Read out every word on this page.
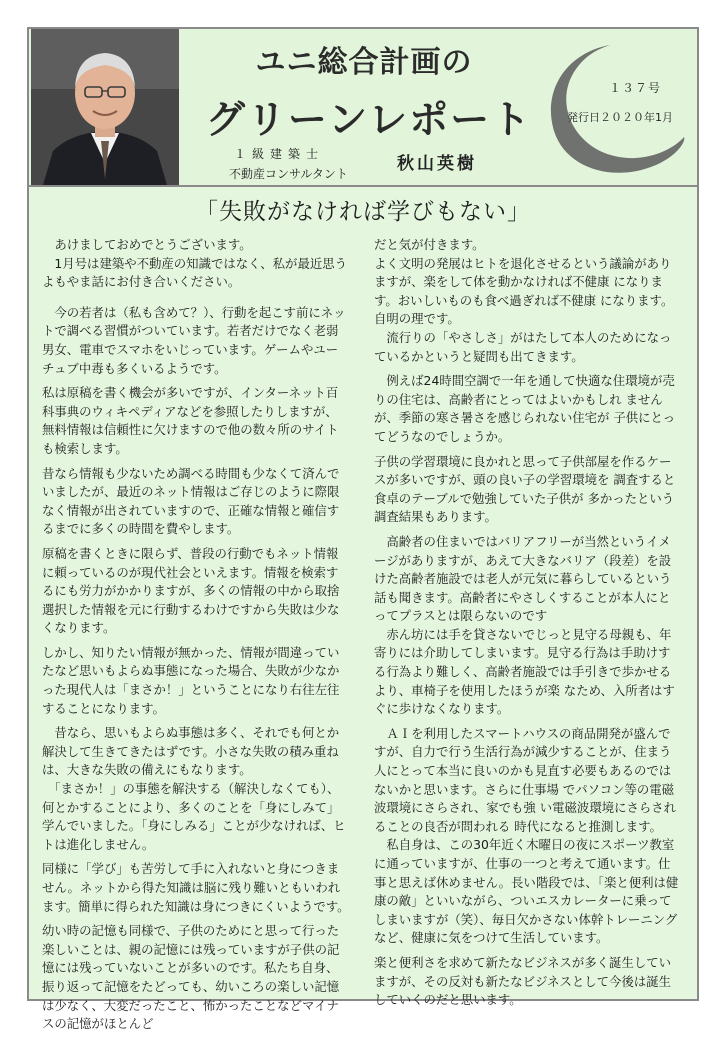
ユニ総合計画の
グリーンレポート
１級建築士
不動産コンサルタント	秋山英樹
１３７号
発行日２０２０年1月
「失敗がなければ学びもない」

　あけましておめでとうございます。
　1月号は建築や不動産の知識ではなく、私が最近思うよもやま話にお付き合いください。

　今の若者は（私も含めて？）、行動を起こす前にネットで調べる習慣がついています。若者だけでなく老弱男女、電車でスマホをいじっています。ゲームやユーチュブ中毒も多くいるようです。

私は原稿を書く機会が多いですが、インターネット百科事典のウィキペディアなどを参照したりしますが、無料情報は信頼性に欠けますので他の数々所のサイトも検索します。

昔なら情報も少ないため調べる時間も少なくて済んでいましたが、最近のネット情報はご存じのように際限なく情報が出されていますので、正確な情報と確信するまでに多くの時間を費やします。

原稿を書くときに限らず、普段の行動でもネット情報に頼っているのが現代社会といえます。情報を検索するにも労力がかかりますが、多くの情報の中から取捨選択した情報を元に行動するわけですから失敗は少なくなります。

しかし、知りたい情報が無かった、情報が間違っていたなど思いもよらぬ事態になった場合、失敗が少なかった現代人は「まさか！」ということになり右往左往することになります。

　昔なら、思いもよらぬ事態は多く、それでも何とか解決して生きてきたはずです。小さな失敗の積み重ねは、大きな失敗の備えにもなります。
　「まさか！」の事態を解決する（解決しなくても）、何とかすることにより、多くのことを「身にしみて」学んでいました。「身にしみる」ことが少なければ、ヒトは進化しません。

同様に「学び」も苦労して手に入れないと身につきません。ネットから得た知識は脳に残り難いともいわれます。簡単に得られた知識は身につきにくいようです。

幼い時の記憶も同様で、子供のためにと思って行った楽しいことは、親の記憶には残っていますが子供の記憶には残っていないことが多いのです。私たち自身、振り返って記憶をたどっても、幼いころの楽しい記憶は少なく、大変だったこと、怖かったことなどマイナスの記憶がほとんど

だと気が付きます。
よく文明の発展はヒトを退化させるという議論がありますが、楽をして体を動かなければ不健康 になります。おいしいものも食べ過ぎれば不健康 になります。自明の理です。
　流行りの「やさしさ」がはたして本人のためになっているかというと疑問も出てきます。

　例えば24時間空調で一年を通して快適な住環境が売りの住宅は、高齢者にとってはよいかもしれ ませんが、季節の寒さ暑さを感じられない住宅が 子供にとってどうなのでしょうか。

子供の学習環境に良かれと思って子供部屋を作るケースが多いですが、頭の良い子の学習環境を 調査すると食卓のテーブルで勉強していた子供が 多かったという調査結果もあります。

　高齢者の住まいではバリアフリーが当然というイメージがありますが、あえて大きなバリア（段差）を設けた高齢者施設では老人が元気に暮らしているという話も聞きます。高齢者にやさしくすることが本人にとってプラスとは限らないのです
　赤ん坊には手を貸さないでじっと見守る母親も、年寄りには介助してしまいます。見守る行為は手助けする行為より難しく、高齢者施設では手引きで歩かせるより、車椅子を使用したほうが楽 なため、入所者はすぐに歩けなくなります。

　ＡＩを利用したスマートハウスの商品開発が盛んですが、自力で行う生活行為が減少することが、住まう人にとって本当に良いのかも見直す必要もあるのではないかと思います。さらに仕事場 でパソコン等の電磁波環境にさらされ、家でも強 い電磁波環境にさらされることの良否が問われる 時代になると推測します。
　私自身は、この30年近く木曜日の夜にスポーツ教室に通っていますが、仕事の一つと考えて通います。仕事と思えば休めません。長い階段では、「楽と便利は健康の敵」といいながら、ついエスカレーターに乗ってしまいますが（笑）、毎日欠かさない体幹トレーニングなど、健康に気をつけて生活しています。

楽と便利さを求めて新たなビジネスが多く誕生していますが、その反対も新たなビジネスとして今後は誕生していくのだと思います。
